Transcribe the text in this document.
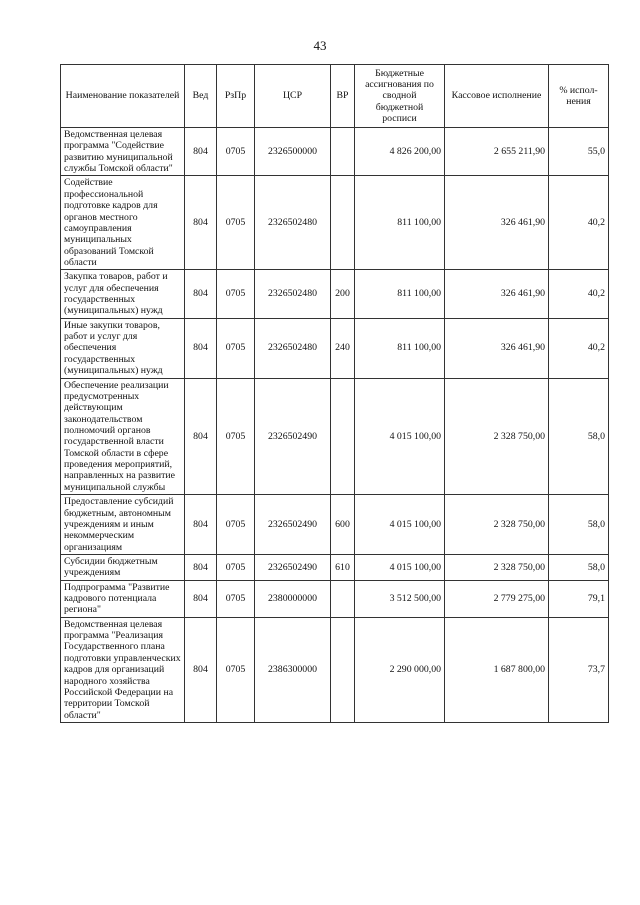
43
Наименование показателей	Вед	РзПр	ЦСР	ВР	Бюджетные ассигнования по сводной бюджетной росписи	Кассовое исполнение	% испол-нения
Ведомственная целевая программа "Содействие развитию муниципальной службы Томской области"	804	0705	2326500000		4 826 200,00	2 655 211,90	55,0
Содействие профессиональной подготовке кадров для органов местного самоуправления муниципальных образований Томской области	804	0705	2326502480		811 100,00	326 461,90	40,2
Закупка товаров, работ и услуг для обеспечения государственных (муниципальных) нужд	804	0705	2326502480	200	811 100,00	326 461,90	40,2
Иные закупки товаров, работ и услуг для обеспечения государственных (муниципальных) нужд	804	0705	2326502480	240	811 100,00	326 461,90	40,2
Обеспечение реализации предусмотренных действующим законодательством полномочий органов государственной власти Томской области в сфере проведения мероприятий, направленных на развитие муниципальной службы	804	0705	2326502490		4 015 100,00	2 328 750,00	58,0
Предоставление субсидий бюджетным, автономным учреждениям и иным некоммерческим организациям	804	0705	2326502490	600	4 015 100,00	2 328 750,00	58,0
Субсидии бюджетным учреждениям	804	0705	2326502490	610	4 015 100,00	2 328 750,00	58,0
Подпрограмма "Развитие кадрового потенциала региона"	804	0705	2380000000		3 512 500,00	2 779 275,00	79,1
Ведомственная целевая программа "Реализация Государственного плана подготовки управленческих кадров для организаций народного хозяйства Российской Федерации на территории Томской области"	804	0705	2386300000		2 290 000,00	1 687 800,00	73,7
